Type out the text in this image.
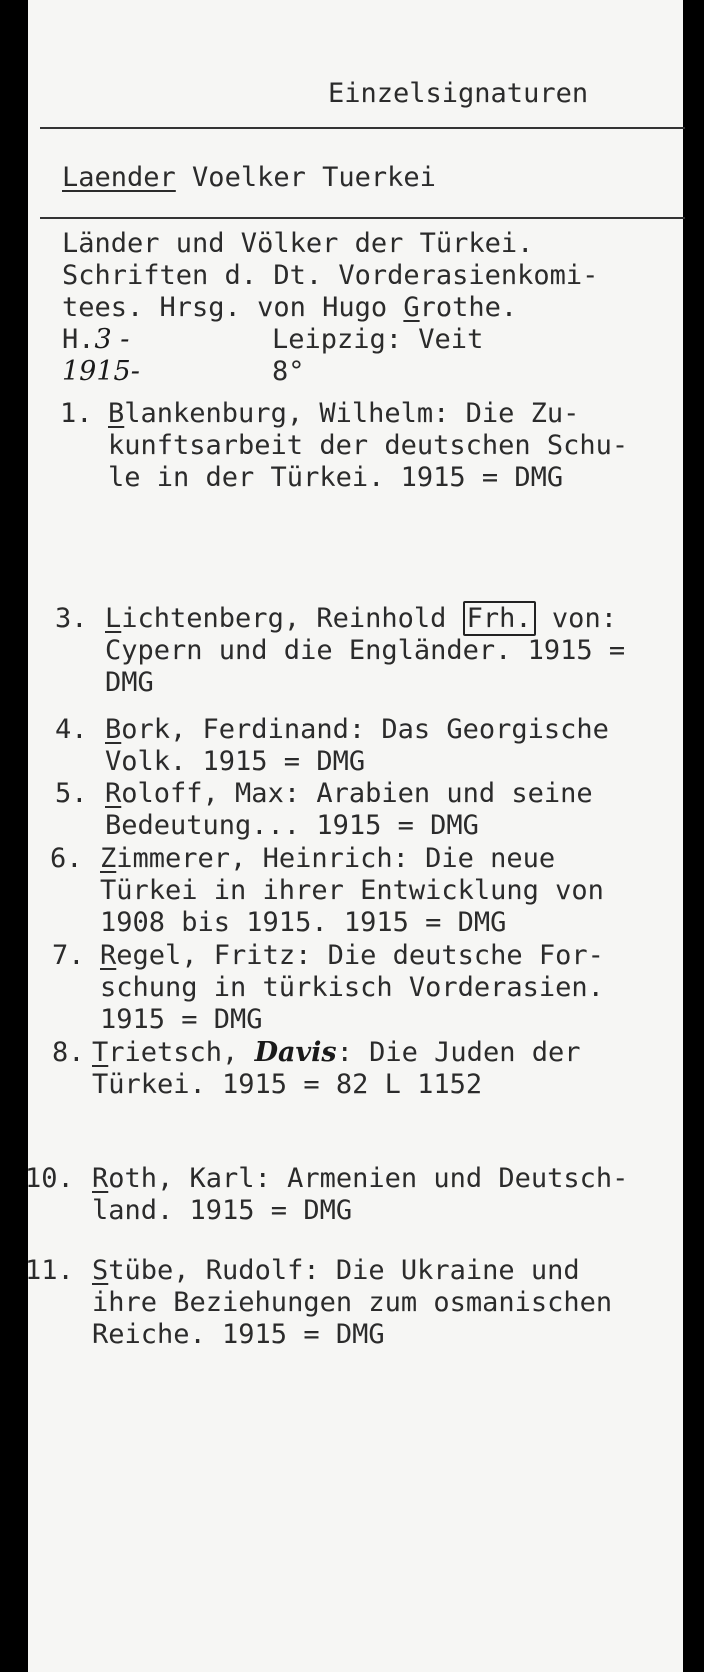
Einzelsignaturen

Laender Voelker Tuerkei

Länder und Völker der Türkei.

Schriften d. Dt. Vorderasienkomi-

tees. Hrsg. von Hugo Grothe.

H.3 -	Leipzig: Veit

1915-	8°

1. Blankenburg, Wilhelm: Die Zu-

kunftsarbeit der deutschen Schu-

le in der Türkei. 1915 = DMG

3. Lichtenberg, Reinhold Frh. von:

Cypern und die Engländer. 1915 =

DMG

4. Bork, Ferdinand: Das Georgische

Volk. 1915 = DMG

5. Roloff, Max: Arabien und seine

Bedeutung... 1915 = DMG

6. Zimmerer, Heinrich: Die neue

Türkei in ihrer Entwicklung von

1908 bis 1915. 1915 = DMG

7. Regel, Fritz: Die deutsche For-

schung in türkisch Vorderasien.

1915 = DMG

8. Trietsch, Davis: Die Juden der

Türkei. 1915 = 82 L 1152

10. Roth, Karl: Armenien und Deutsch-

land. 1915 = DMG

11. Stübe, Rudolf: Die Ukraine und

ihre Beziehungen zum osmanischen

Reiche. 1915 = DMG
